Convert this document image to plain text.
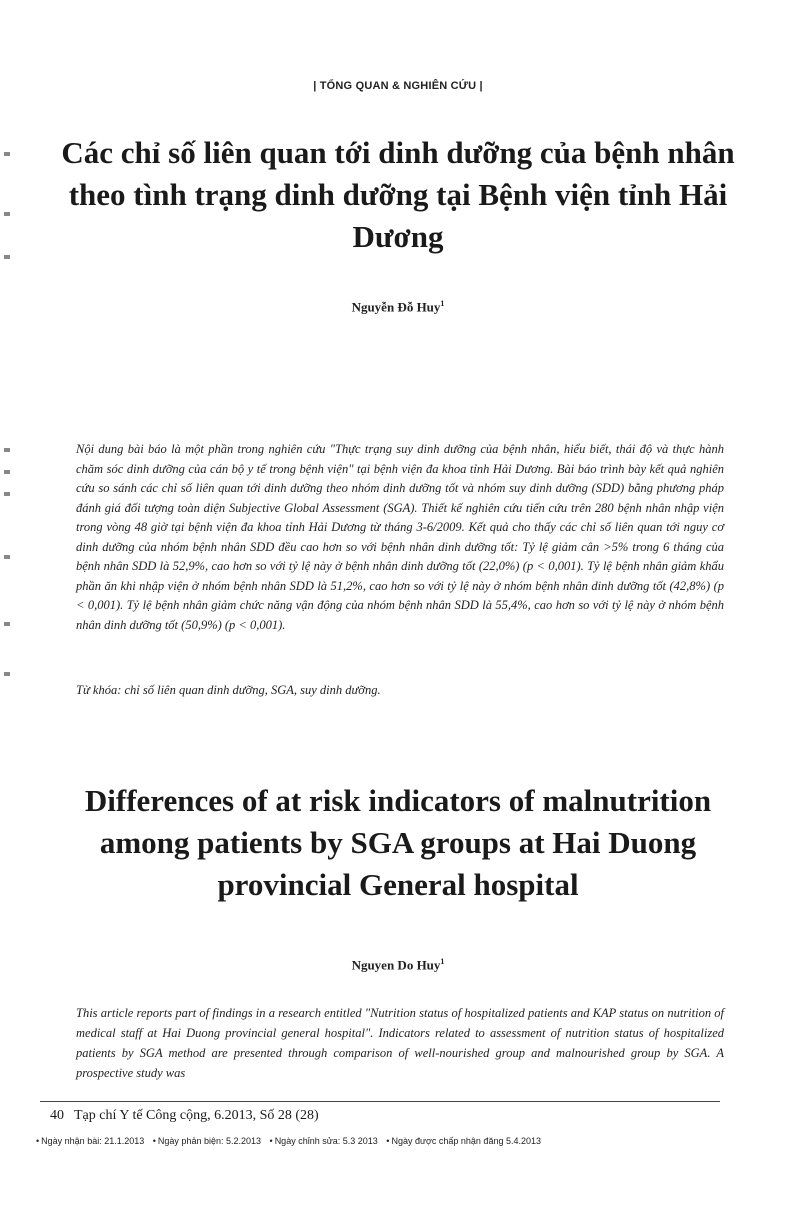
| TỔNG QUAN & NGHIÊN CỨU |
Các chỉ số liên quan tới dinh dưỡng của bệnh nhân theo tình trạng dinh dưỡng tại Bệnh viện tỉnh Hải Dương
Nguyễn Đỗ Huy$^1$

Nội dung bài báo là một phần trong nghiên cứu "Thực trạng suy dinh dưỡng của bệnh nhân, hiểu biết, thái độ và thực hành chăm sóc dinh dưỡng của cán bộ y tế trong bệnh viện" tại bệnh viện đa khoa tỉnh Hải Dương. Bài báo trình bày kết quả nghiên cứu so sánh các chỉ số liên quan tới dinh dưỡng theo nhóm dinh dưỡng tốt và nhóm suy dinh dưỡng (SDD) bằng phương pháp đánh giá đối tượng toàn diện Subjective Global Assessment (SGA). Thiết kế nghiên cứu tiến cứu trên 280 bệnh nhân nhập viện trong vòng 48 giờ tại bệnh viện đa khoa tỉnh Hải Dương từ tháng 3-6/2009. Kết quả cho thấy các chỉ số liên quan tới nguy cơ dinh dưỡng của nhóm bệnh nhân SDD đều cao hơn so với bệnh nhân dinh dưỡng tốt: Tỷ lệ giảm cân >5% trong 6 tháng của bệnh nhân SDD là 52,9%, cao hơn so với tỷ lệ này ở bệnh nhân dinh dưỡng tốt (22,0%) (p < 0,001). Tỷ lệ bệnh nhân giảm khẩu phần ăn khi nhập viện ở nhóm bệnh nhân SDD là 51,2%, cao hơn so với tỷ lệ này ở nhóm bệnh nhân dinh dưỡng tốt (42,8%) (p < 0,001). Tỷ lệ bệnh nhân giảm chức năng vận động của nhóm bệnh nhân SDD là 55,4%, cao hơn so với tỷ lệ này ở nhóm bệnh nhân dinh dưỡng tốt (50,9%) (p < 0,001).

Từ khóa: chỉ số liên quan dinh dưỡng, SGA, suy dinh dưỡng.

Differences of at risk indicators of malnutrition among patients by SGA groups at Hai Duong provincial General hospital
Nguyen Do Huy$^1$

This article reports part of findings in a research entitled "Nutrition status of hospitalized patients and KAP status on nutrition of medical staff at Hai Duong provincial general hospital". Indicators related to assessment of nutrition status of hospitalized patients by SGA method are presented through comparison of well-nourished group and malnourished group by SGA. A prospective study was

40 Tạp chí Y tế Công cộng, 6.2013, Số 28 (28)
• Ngày nhận bài: 21.1.2013 • Ngày phản biện: 5.2.2013 • Ngày chỉnh sửa: 5.3 2013 • Ngày được chấp nhận đăng 5.4.2013
